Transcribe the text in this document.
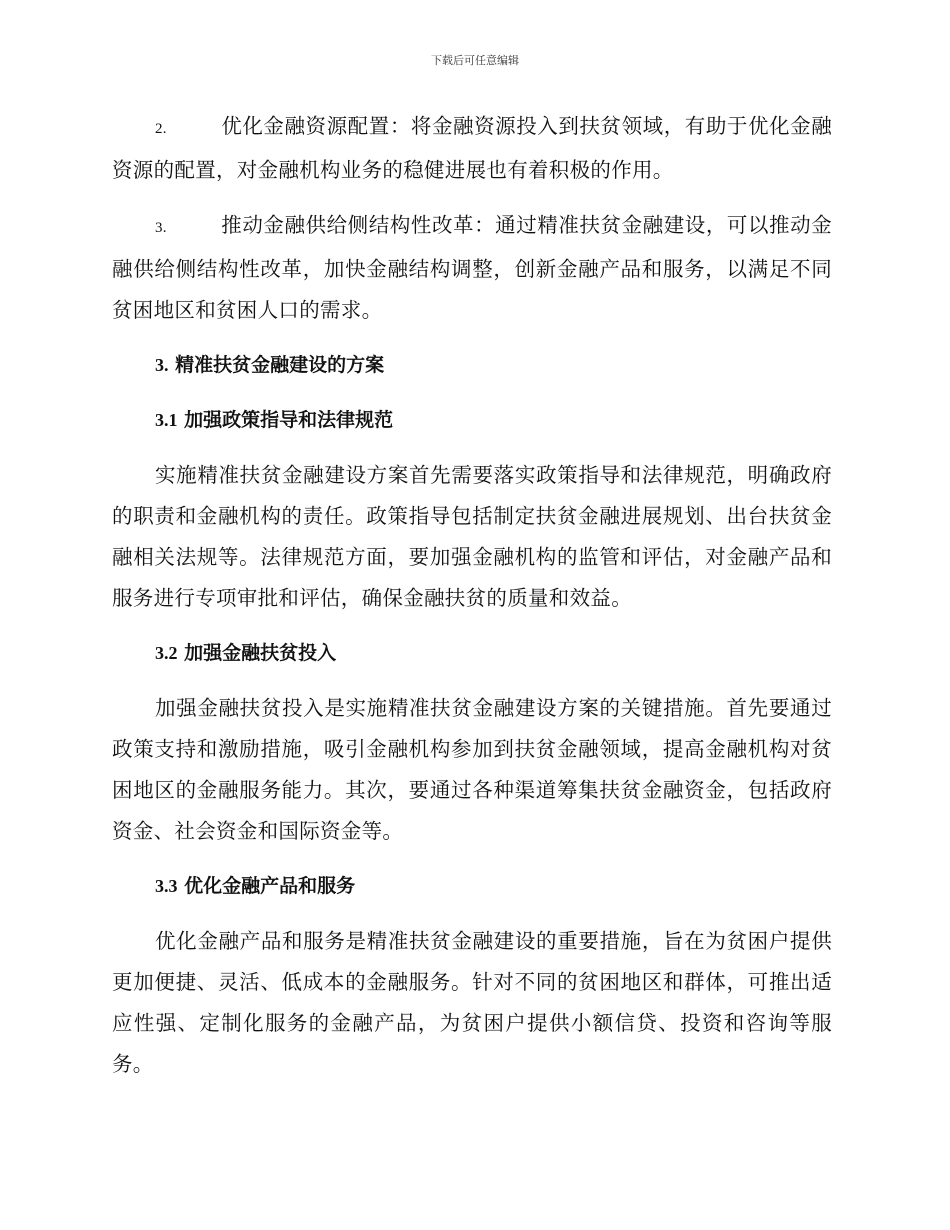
下载后可任意编辑

2.	优化金融资源配置：将金融资源投入到扶贫领域，有助于优化金融资源的配置，对金融机构业务的稳健进展也有着积极的作用。

3.	推动金融供给侧结构性改革：通过精准扶贫金融建设，可以推动金融供给侧结构性改革，加快金融结构调整，创新金融产品和服务，以满足不同贫困地区和贫困人口的需求。

3. 精准扶贫金融建设的方案
3.1 加强政策指导和法律规范

实施精准扶贫金融建设方案首先需要落实政策指导和法律规范，明确政府的职责和金融机构的责任。政策指导包括制定扶贫金融进展规划、出台扶贫金融相关法规等。法律规范方面，要加强金融机构的监管和评估，对金融产品和服务进行专项审批和评估，确保金融扶贫的质量和效益。

3.2 加强金融扶贫投入

加强金融扶贫投入是实施精准扶贫金融建设方案的关键措施。首先要通过政策支持和激励措施，吸引金融机构参加到扶贫金融领域，提高金融机构对贫困地区的金融服务能力。其次，要通过各种渠道筹集扶贫金融资金，包括政府资金、社会资金和国际资金等。

3.3 优化金融产品和服务

优化金融产品和服务是精准扶贫金融建设的重要措施，旨在为贫困户提供更加便捷、灵活、低成本的金融服务。针对不同的贫困地区和群体，可推出适应性强、定制化服务的金融产品，为贫困户提供小额信贷、投资和咨询等服务。
